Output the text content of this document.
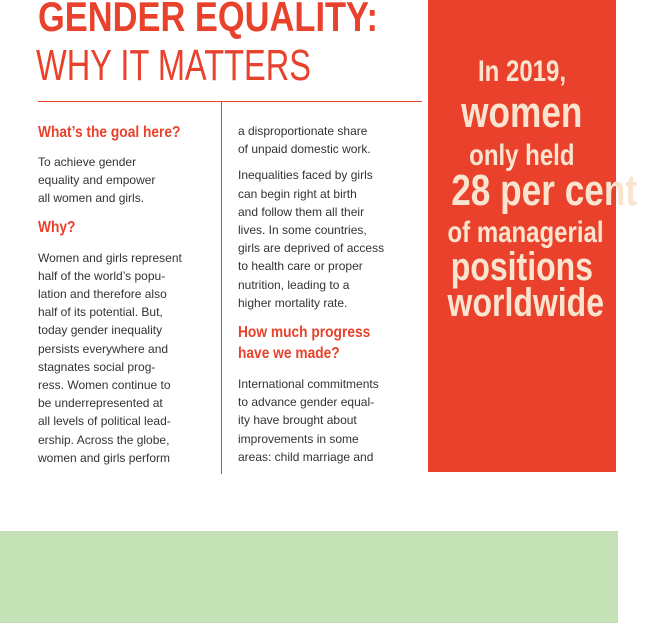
GENDER EQUALITY:
WHY IT MATTERS
What’s the goal here?

To achieve gender
equality and empower
all women and girls.

Why?

Women and girls represent
half of the world’s popu-
lation and therefore also
half of its potential. But,
today gender inequality
persists everywhere and
stagnates social prog-
ress. Women continue to
be underrepresented at
all levels of political lead-
ership. Across the globe,
women and girls perform

a disproportionate share
of unpaid domestic work.

Inequalities faced by girls
can begin right at birth
and follow them all their
lives. In some countries,
girls are deprived of access
to health care or proper
nutrition, leading to a
higher mortality rate.

How much progress
have we made?

International commitments
to advance gender equal-
ity have brought about
improvements in some
areas: child marriage and

In 2019,

women

only held

28 per cent

of managerial

positions

worldwide
